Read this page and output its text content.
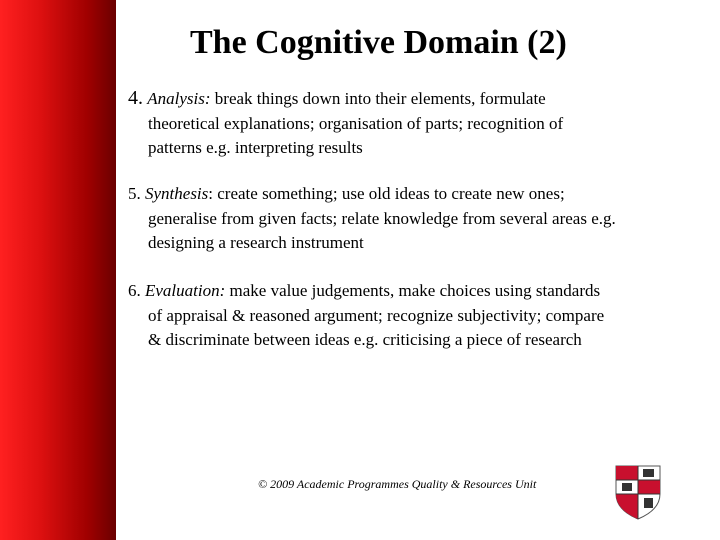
The Cognitive Domain (2)
4. Analysis: break things down into their elements, formulate
theoretical explanations; organisation of parts; recognition of
patterns e.g. interpreting results
5. Synthesis: create something; use old ideas to create new ones;
generalise from given facts; relate knowledge from several areas e.g.
designing a research instrument
6. Evaluation: make value judgements, make choices using standards
of appraisal & reasoned argument; recognize subjectivity; compare
& discriminate between ideas e.g. criticising a piece of research
© 2009 Academic Programmes Quality & Resources Unit
